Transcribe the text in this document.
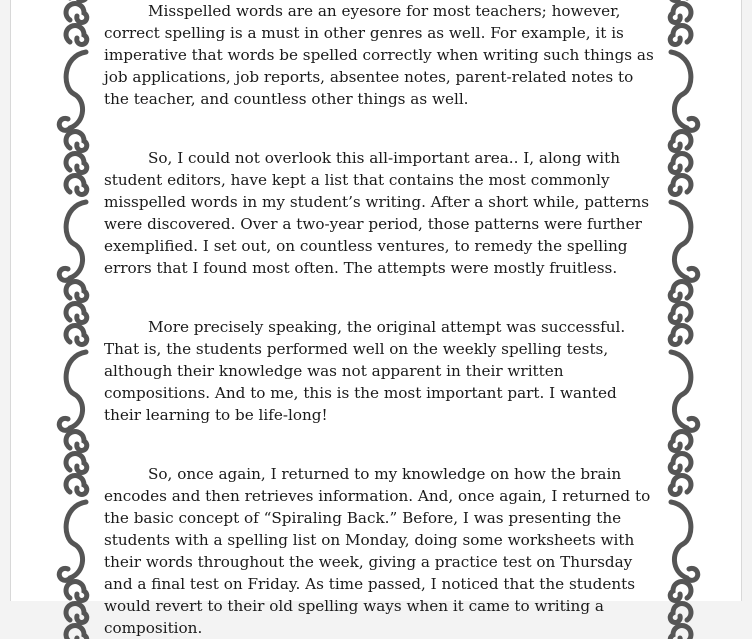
Misspelled words are an eyesore for most teachers; however, correct spelling is a must in other genres as well. For example, it is imperative that words be spelled correctly when writing such things as job applications, job reports, absentee notes, parent-related notes to the teacher, and countless other things as well.

So, I could not overlook this all-important area.. I, along with student editors, have kept a list that contains the most commonly misspelled words in my student’s writing. After a short while, patterns were discovered. Over a two-year period, those patterns were further exemplified. I set out, on countless ventures, to remedy the spelling errors that I found most often. The attempts were mostly fruitless.

More precisely speaking, the original attempt was successful. That is, the students performed well on the weekly spelling tests, although their knowledge was not apparent in their written compositions. And to me, this is the most important part. I wanted their learning to be life-long!

So, once again, I returned to my knowledge on how the brain encodes and then retrieves information. And, once again, I returned to the basic concept of “Spiraling Back.” Before, I was presenting the students with a spelling list on Monday, doing some worksheets with their words throughout the week, giving a practice test on Thursday and a final test on Friday. As time passed, I noticed that the students would revert to their old spelling ways when it came to writing a composition.
